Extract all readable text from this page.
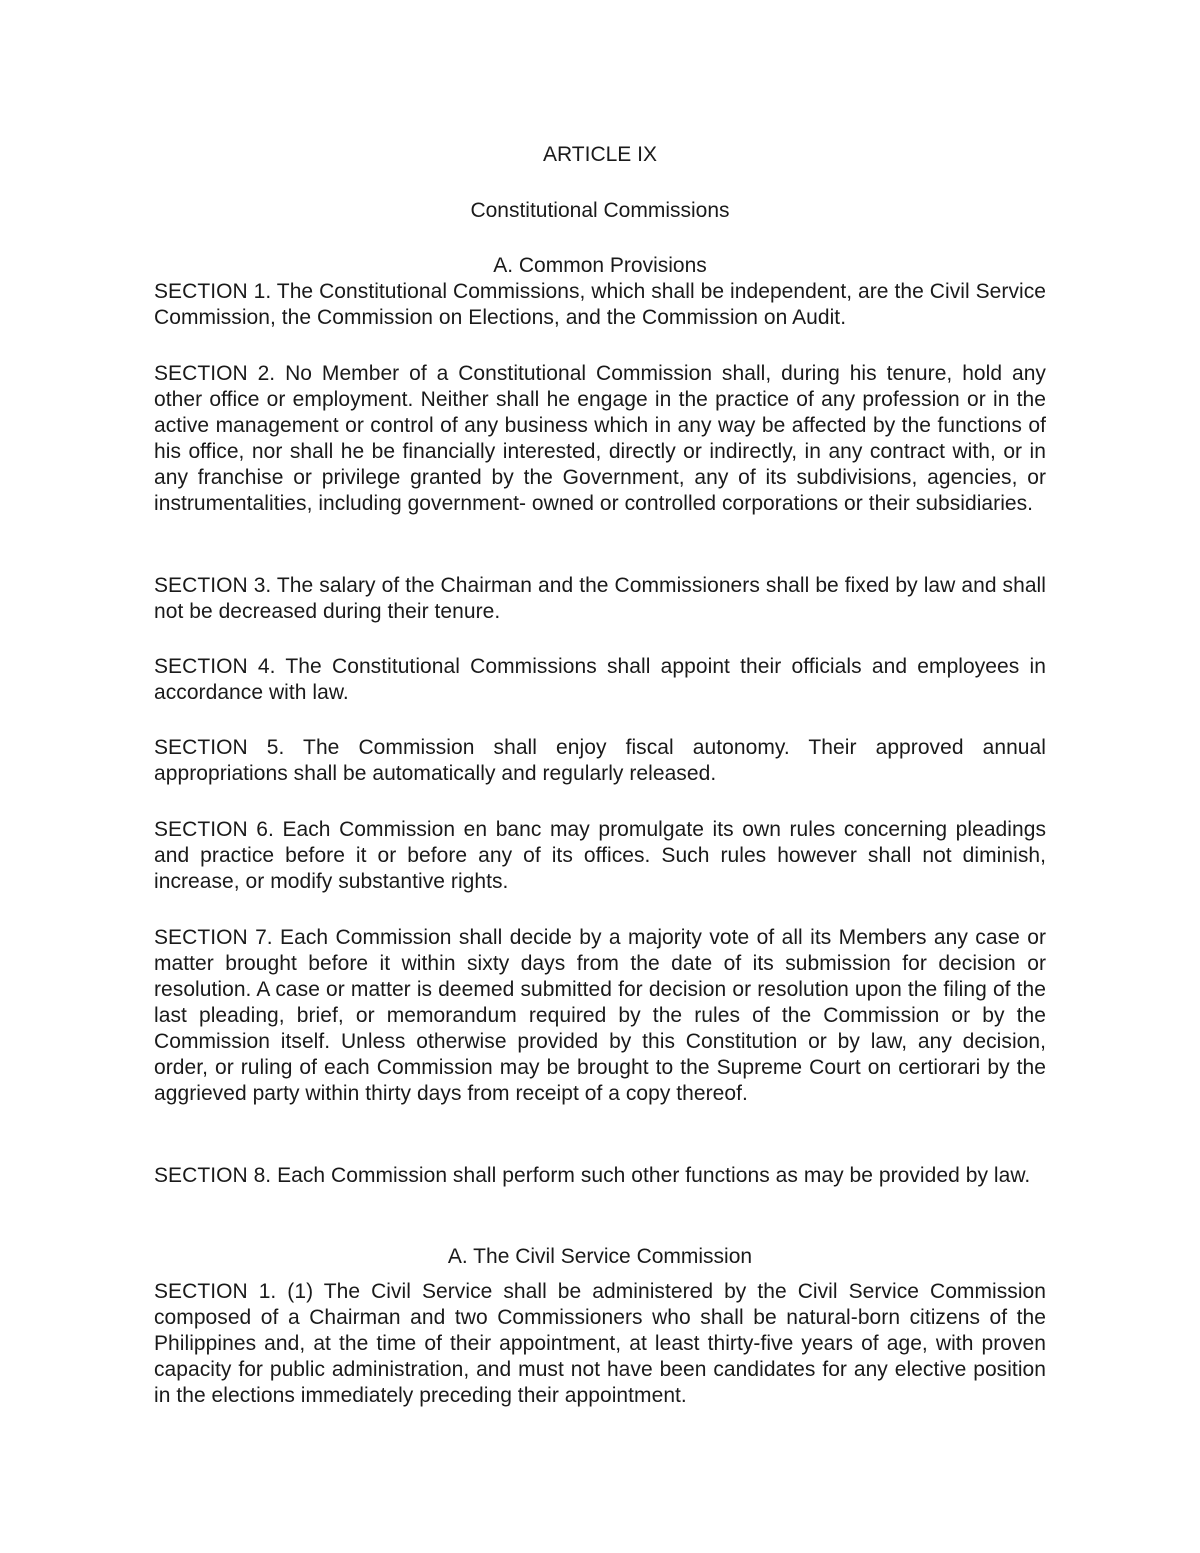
ARTICLE IX

Constitutional Commissions

A. Common Provisions

SECTION 1. The Constitutional Commissions, which shall be independent, are the Civil Service Commission, the Commission on Elections, and the Commission on Audit.

SECTION 2. No Member of a Constitutional Commission shall, during his tenure, hold any other office or employment. Neither shall he engage in the practice of any profession or in the active management or control of any business which in any way be affected by the functions of his office, nor shall he be financially interested, directly or indirectly, in any contract with, or in any franchise or privilege granted by the Government, any of its subdivisions, agencies, or instrumentalities, including government- owned or controlled corporations or their subsidiaries.

SECTION 3. The salary of the Chairman and the Commissioners shall be fixed by law and shall not be decreased during their tenure.

SECTION 4. The Constitutional Commissions shall appoint their officials and employees in accordance with law.

SECTION 5. The Commission shall enjoy fiscal autonomy. Their approved annual appropriations shall be automatically and regularly released.

SECTION 6. Each Commission en banc may promulgate its own rules concerning pleadings and practice before it or before any of its offices. Such rules however shall not diminish, increase, or modify substantive rights.

SECTION 7. Each Commission shall decide by a majority vote of all its Members any case or matter brought before it within sixty days from the date of its submission for decision or resolution. A case or matter is deemed submitted for decision or resolution upon the filing of the last pleading, brief, or memorandum required by the rules of the Commission or by the Commission itself. Unless otherwise provided by this Constitution or by law, any decision, order, or ruling of each Commission may be brought to the Supreme Court on certiorari by the aggrieved party within thirty days from receipt of a copy thereof.

SECTION 8. Each Commission shall perform such other functions as may be provided by law.

A. The Civil Service Commission

SECTION 1. (1) The Civil Service shall be administered by the Civil Service Commission composed of a Chairman and two Commissioners who shall be natural-born citizens of the Philippines and, at the time of their appointment, at least thirty-five years of age, with proven capacity for public administration, and must not have been candidates for any elective position in the elections immediately preceding their appointment.
